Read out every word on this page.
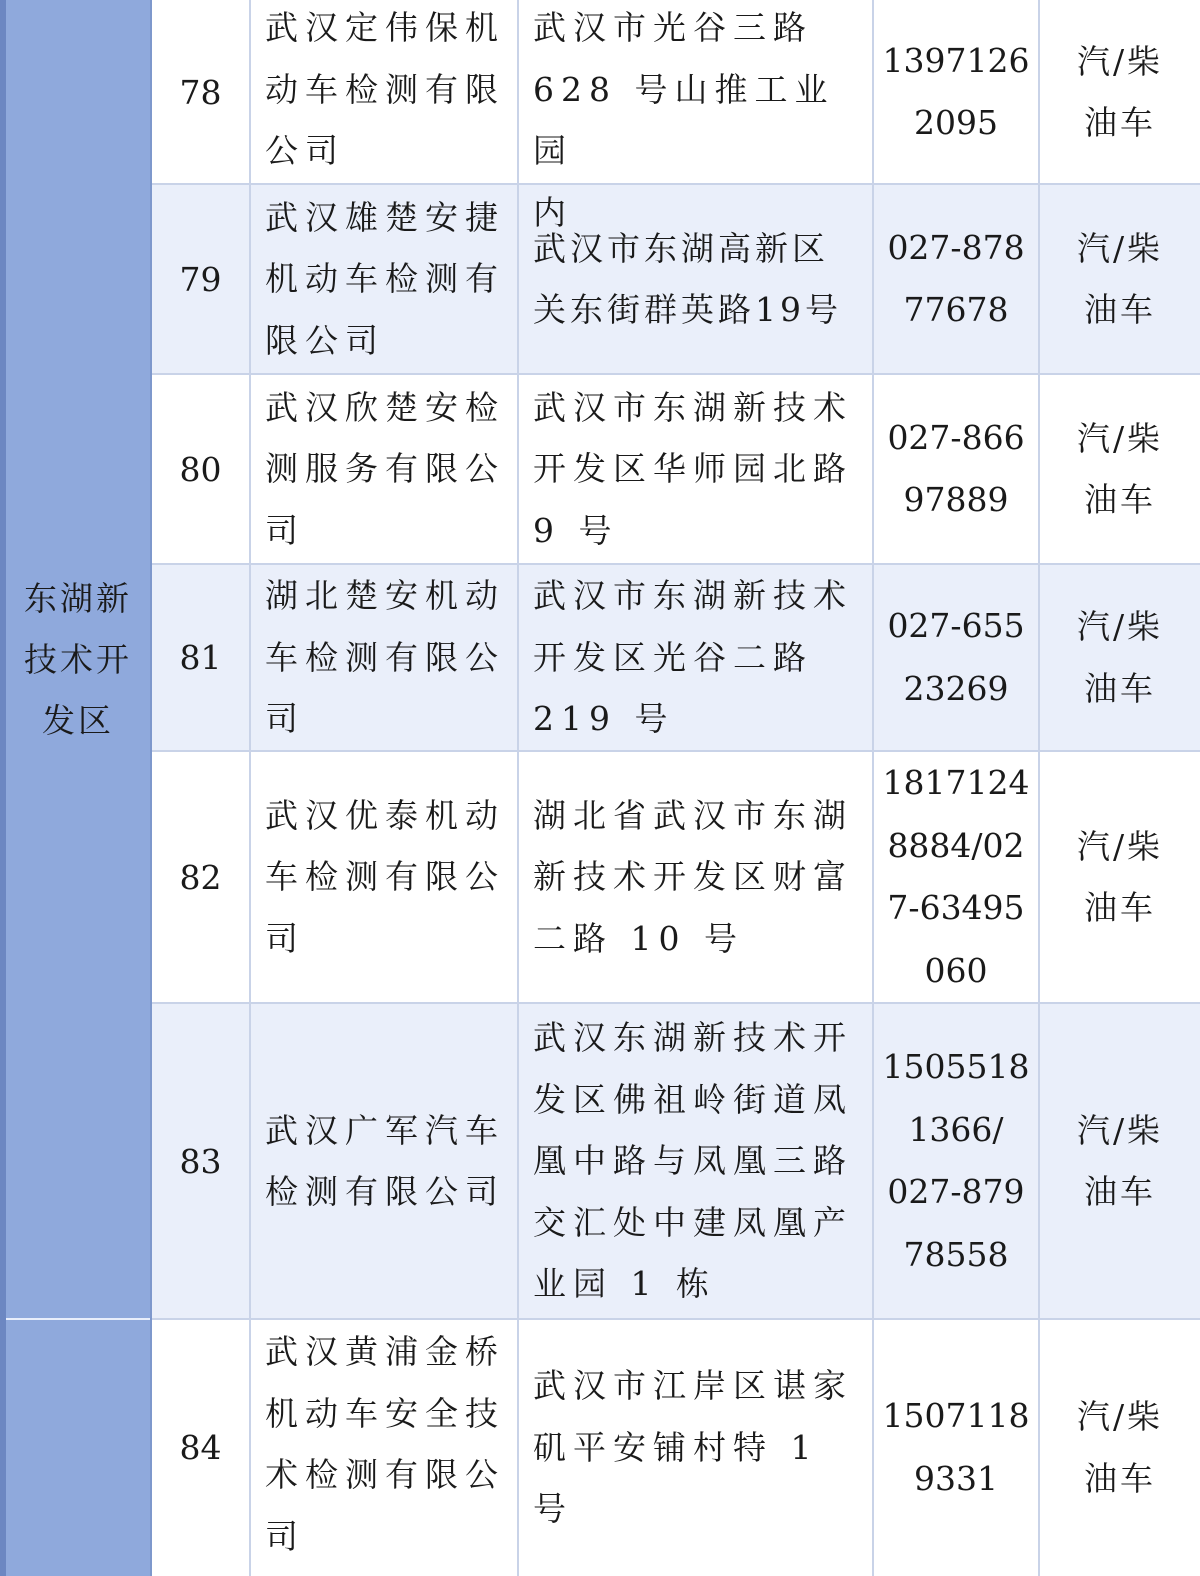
东湖新
技术开
发区
78
武汉定伟保机
动车检测有限
公司
武汉市光谷三路
628 号山推工业园
内
1397126
2095
汽/柴
油车
79
武汉雄楚安捷
机动车检测有
限公司
武汉市东湖高新区
关东街群英路19号
027-878
77678
汽/柴
油车
80
武汉欣楚安检
测服务有限公
司
武汉市东湖新技术
开发区华师园北路
9 号
027-866
97889
汽/柴
油车
81
湖北楚安机动
车检测有限公
司
武汉市东湖新技术
开发区光谷二路
219 号
027-655
23269
汽/柴
油车
82
武汉优泰机动
车检测有限公
司
湖北省武汉市东湖
新技术开发区财富
二路 10 号
1817124
8884/02
7-63495
060
汽/柴
油车
83
武汉广军汽车
检测有限公司
武汉东湖新技术开
发区佛祖岭街道凤
凰中路与凤凰三路
交汇处中建凤凰产
业园 1 栋
1505518
1366/
027-879
78558
汽/柴
油车
84
武汉黄浦金桥
机动车安全技
术检测有限公
司
武汉市江岸区谌家
矶平安铺村特 1 号
1507118
9331
汽/柴
油车
